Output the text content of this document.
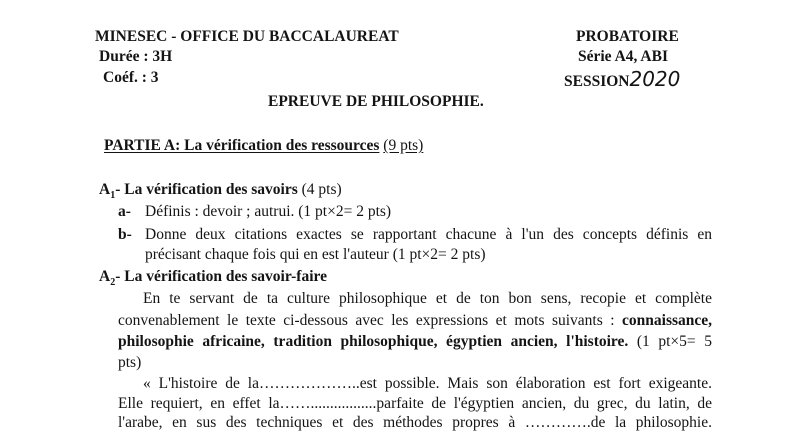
MINESEC - OFFICE DU BACCALAUREAT
Durée : 3H
Coéf. : 3
PROBATOIRE
Série A4, ABI
SESSION2020
EPREUVE DE PHILOSOPHIE.
PARTIE A: La vérification des ressources (9 pts)
$A_1-$ La vérification des savoirs (4 pts)
a- Définis : devoir ; autrui. (1 pt×2= 2 pts)
b- Donne deux citations exactes se rapportant chacune à l'un des concepts définis en
précisant chaque fois qui en est l'auteur (1 pt×2= 2 pts)
$A_2-$ La vérification des savoir-faire
En te servant de ta culture philosophique et de ton bon sens, recopie et complète
convenablement le texte ci-dessous avec les expressions et mots suivants : connaissance,
philosophie africaine, tradition philosophique, égyptien ancien, l'histoire. (1 pt×5= 5
pts)
« L'histoire de la………………..est possible. Mais son élaboration est fort exigeante.
Elle requiert, en effet la…….................parfaite de l'égyptien ancien, du grec, du latin, de
l'arabe, en sus des techniques et des méthodes propres à ………….de la philosophie.
